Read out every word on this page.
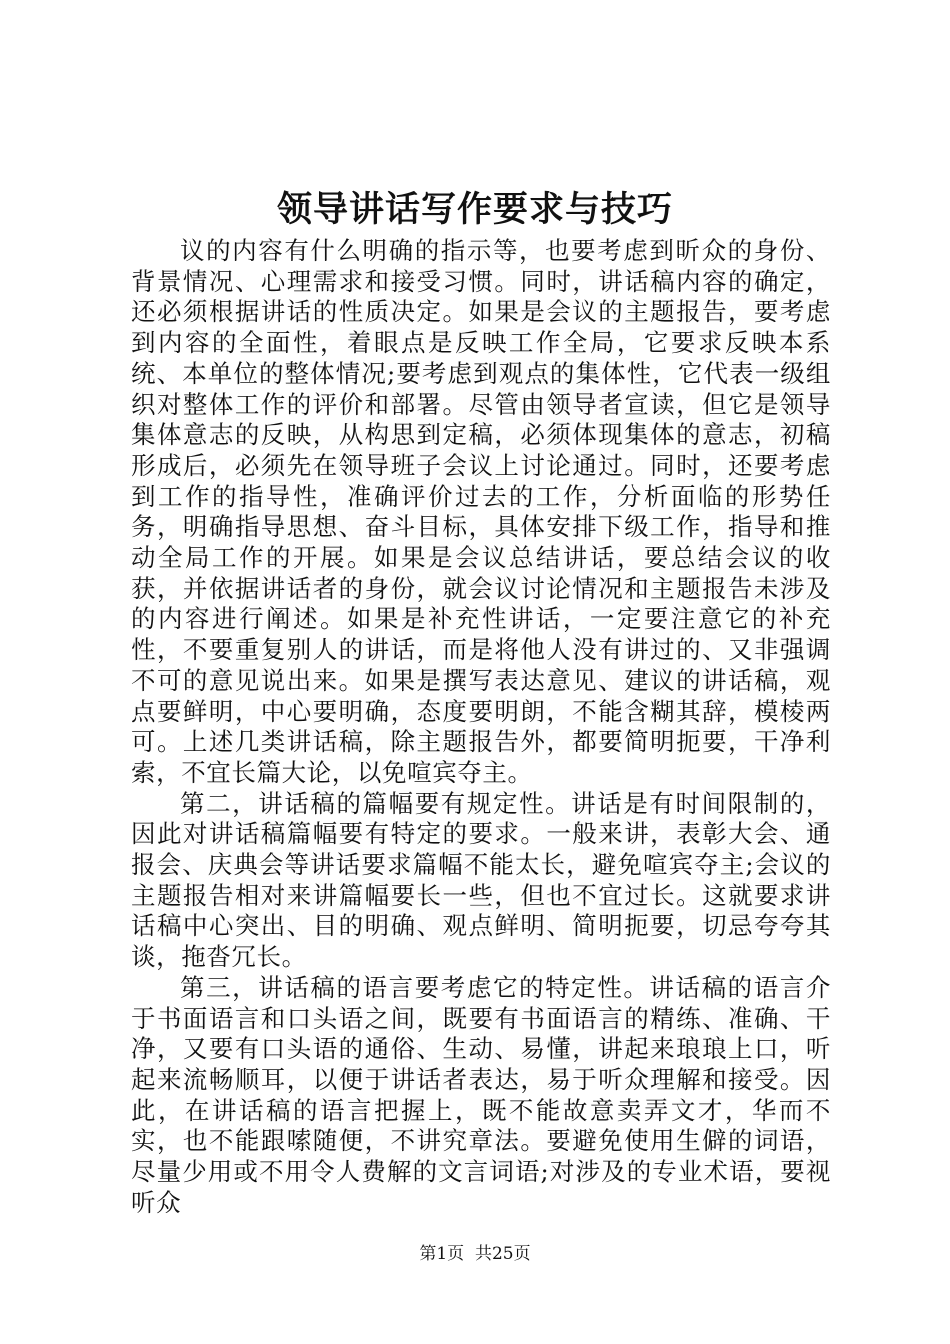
领导讲话写作要求与技巧

议的内容有什么明确的指示等，也要考虑到昕众的身份、背景情况、心理需求和接受习惯。同时，讲话稿内容的确定，还必须根据讲话的性质决定。如果是会议的主题报告，要考虑到内容的全面性，着眼点是反映工作全局，它要求反映本系统、本单位的整体情况;要考虑到观点的集体性，它代表一级组织对整体工作的评价和部署。尽管由领导者宣读，但它是领导集体意志的反映，从构思到定稿，必须体现集体的意志，初稿形成后，必须先在领导班子会议上讨论通过。同时，还要考虑到工作的指导性，准确评价过去的工作，分析面临的形势任务，明确指导思想、奋斗目标，具体安排下级工作，指导和推动全局工作的开展。如果是会议总结讲话，要总结会议的收获，并依据讲话者的身份，就会议讨论情况和主题报告未涉及的内容进行阐述。如果是补充性讲话，一定要注意它的补充性，不要重复别人的讲话，而是将他人没有讲过的、又非强调不可的意见说出来。如果是撰写表达意见、建议的讲话稿，观点要鲜明，中心要明确，态度要明朗，不能含糊其辞，模棱两可。上述几类讲话稿，除主题报告外，都要简明扼要，干净利索，不宜长篇大论，以免喧宾夺主。

第二，讲话稿的篇幅要有规定性。讲话是有时间限制的，因此对讲话稿篇幅要有特定的要求。一般来讲，表彰大会、通报会、庆典会等讲话要求篇幅不能太长，避免喧宾夺主;会议的主题报告相对来讲篇幅要长一些，但也不宜过长。这就要求讲话稿中心突出、目的明确、观点鲜明、简明扼要，切忌夸夸其谈，拖沓冗长。

第三，讲话稿的语言要考虑它的特定性。讲话稿的语言介于书面语言和口头语之间，既要有书面语言的精练、准确、干净，又要有口头语的通俗、生动、易懂，讲起来琅琅上口，听起来流畅顺耳，以便于讲话者表达，易于听众理解和接受。因此，在讲话稿的语言把握上，既不能故意卖弄文才，华而不实，也不能跟嗦随便，不讲究章法。要避免使用生僻的词语，尽量少用或不用令人费解的文言词语;对涉及的专业术语，要视听众

第1页  共25页
